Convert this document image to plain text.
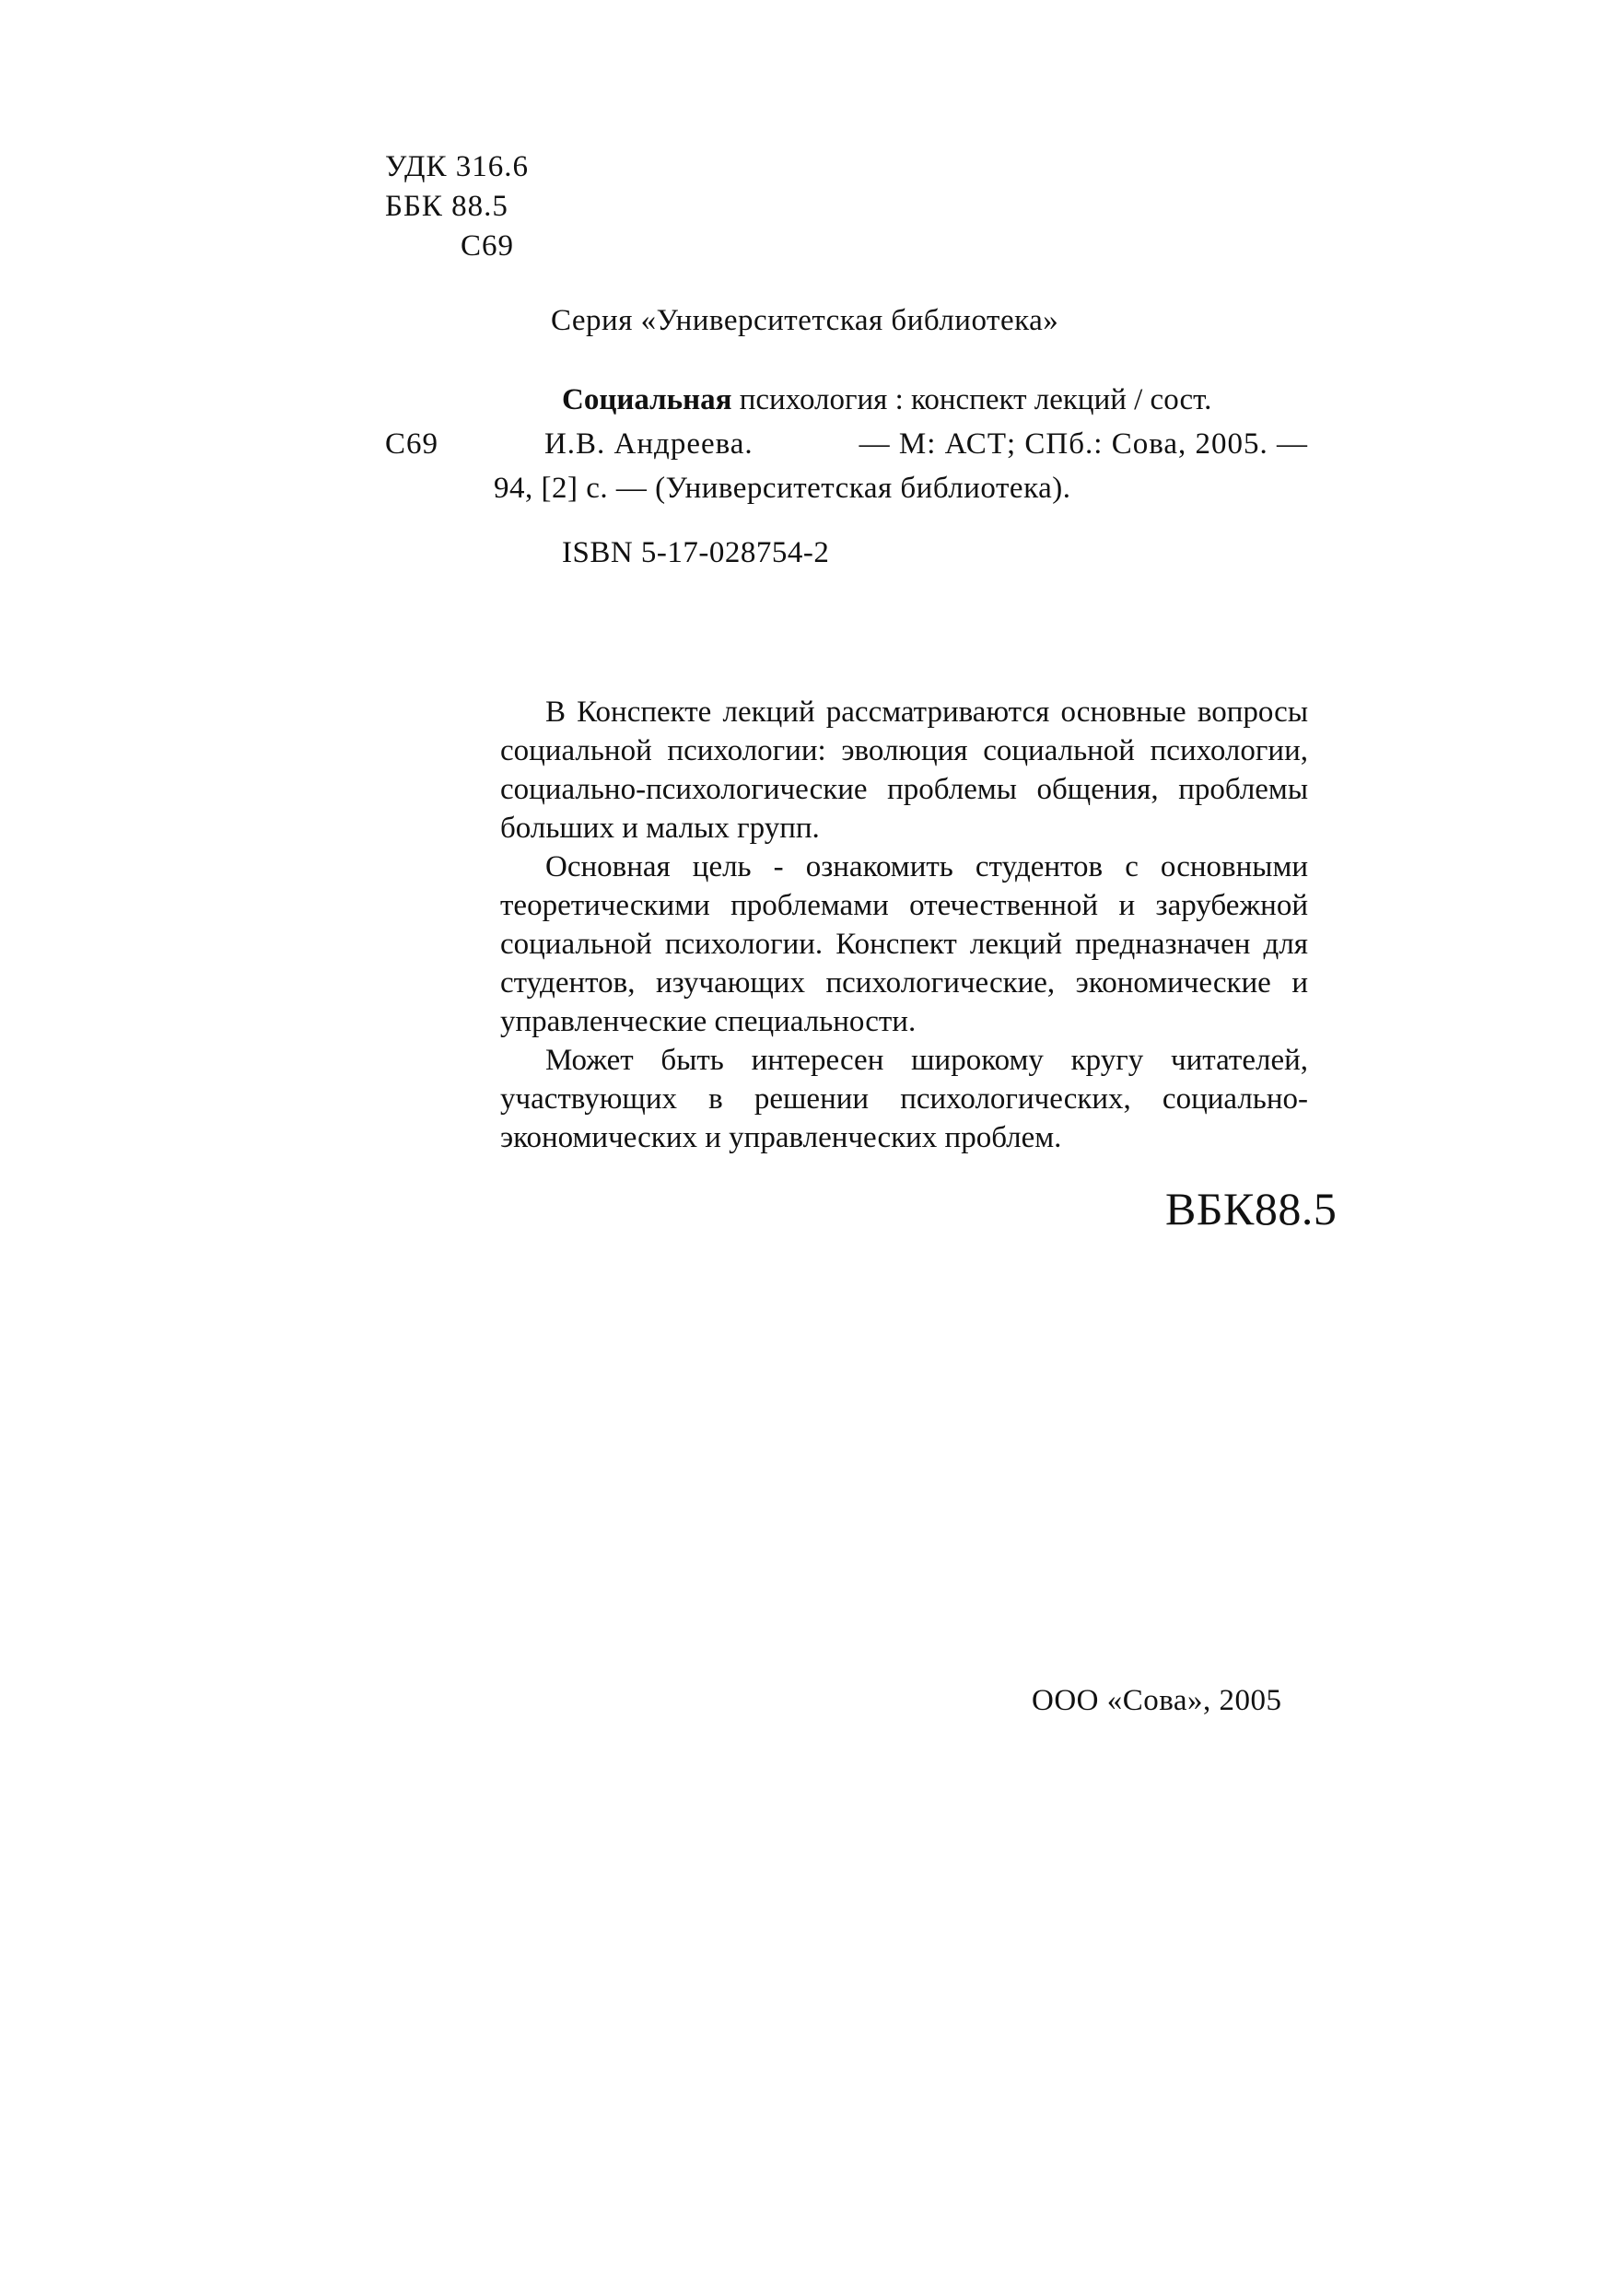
УДК 316.6
ББК 88.5
С69
Серия «Университетская библиотека»
Социальная психология : конспект лекций / сост.
С69	И.В. Андреева.	— М: АСТ; СПб.: Сова, 2005. —
94, [2] с. — (Университетская библиотека).
ISBN 5-17-028754-2

В Конспекте лекций рассматриваются основные вопросы социальной психологии: эволюция социальной психологии, социально-психологические проблемы общения, проблемы больших и малых групп.

Основная цель - ознакомить студентов с основными теоретическими проблемами отечественной и зарубежной социальной психологии. Конспект лекций предназначен для студентов, изучающих психологические, экономические и управленческие специальности.

Может быть интересен широкому кругу читателей, участвующих в решении психологических, социально-экономических и управленческих проблем.

ВБК88.5
ООО «Сова», 2005
